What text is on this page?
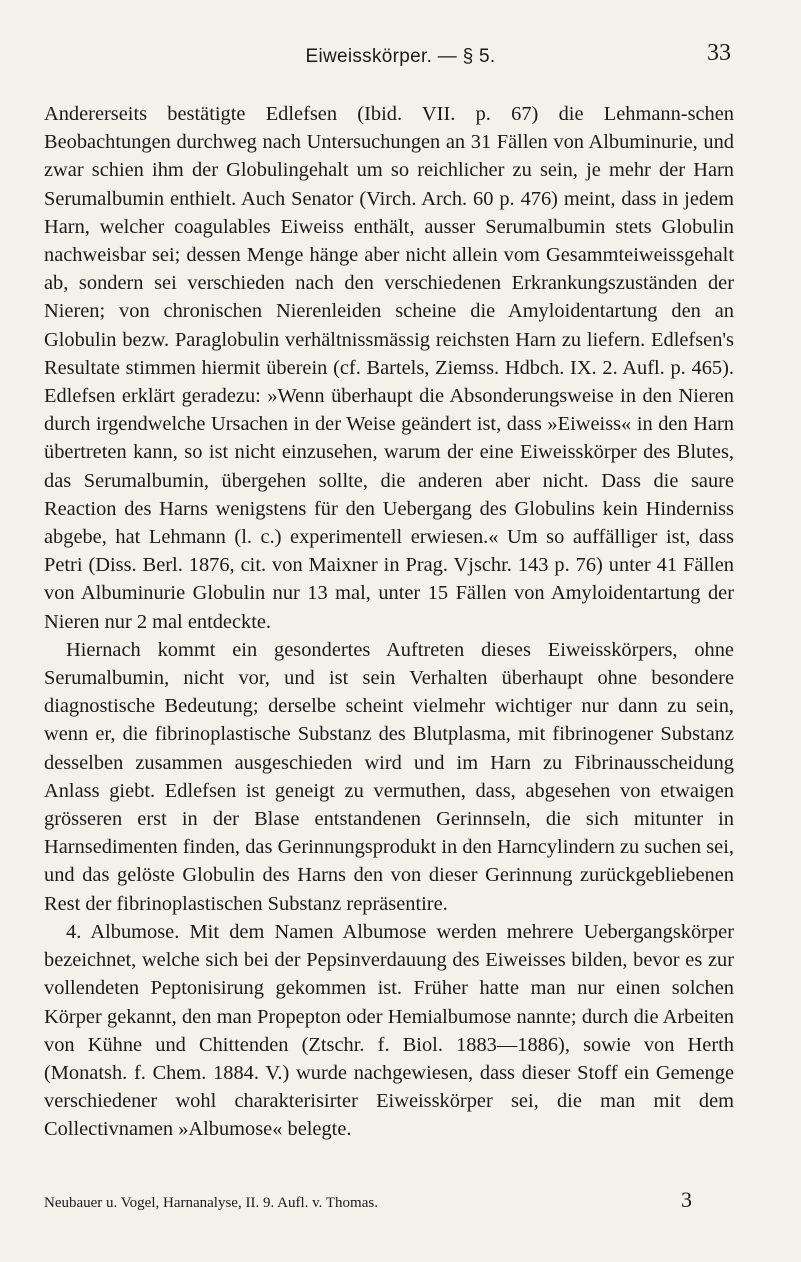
Eiweisskörper. — § 5.	33

Andererseits bestätigte Edlefsen (Ibid. VII. p. 67) die Lehmann-schen Beobachtungen durchweg nach Untersuchungen an 31 Fällen von Albuminurie, und zwar schien ihm der Globulingehalt um so reichlicher zu sein, je mehr der Harn Serumalbumin enthielt. Auch Senator (Virch. Arch. 60 p. 476) meint, dass in jedem Harn, welcher coagulables Eiweiss enthält, ausser Serumalbumin stets Globulin nachweisbar sei; dessen Menge hänge aber nicht allein vom Gesammteiweissgehalt ab, sondern sei verschieden nach den verschiedenen Erkrankungszuständen der Nieren; von chronischen Nierenleiden scheine die Amyloidentartung den an Globulin bezw. Paraglobulin verhältnissmässig reichsten Harn zu liefern. Edlefsen's Resultate stimmen hiermit überein (cf. Bartels, Ziemss. Hdbch. IX. 2. Aufl. p. 465). Edlefsen erklärt geradezu: »Wenn überhaupt die Absonderungsweise in den Nieren durch irgendwelche Ursachen in der Weise geändert ist, dass »Eiweiss« in den Harn übertreten kann, so ist nicht einzusehen, warum der eine Eiweisskörper des Blutes, das Serumalbumin, übergehen sollte, die anderen aber nicht. Dass die saure Reaction des Harns wenigstens für den Uebergang des Globulins kein Hinderniss abgebe, hat Lehmann (l. c.) experimentell erwiesen.« Um so auffälliger ist, dass Petri (Diss. Berl. 1876, cit. von Maixner in Prag. Vjschr. 143 p. 76) unter 41 Fällen von Albuminurie Globulin nur 13 mal, unter 15 Fällen von Amyloidentartung der Nieren nur 2 mal entdeckte.

Hiernach kommt ein gesondertes Auftreten dieses Eiweisskörpers, ohne Serumalbumin, nicht vor, und ist sein Verhalten überhaupt ohne besondere diagnostische Bedeutung; derselbe scheint vielmehr wichtiger nur dann zu sein, wenn er, die fibrinoplastische Substanz des Blutplasma, mit fibrinogener Substanz desselben zusammen ausgeschieden wird und im Harn zu Fibrinausscheidung Anlass giebt. Edlefsen ist geneigt zu vermuthen, dass, abgesehen von etwaigen grösseren erst in der Blase entstandenen Gerinnseln, die sich mitunter in Harnsedimenten finden, das Gerinnungsprodukt in den Harncylindern zu suchen sei, und das gelöste Globulin des Harns den von dieser Gerinnung zurückgebliebenen Rest der fibrinoplastischen Substanz repräsentire.

4. Albumose. Mit dem Namen Albumose werden mehrere Uebergangskörper bezeichnet, welche sich bei der Pepsinverdauung des Eiweisses bilden, bevor es zur vollendeten Peptonisirung gekommen ist. Früher hatte man nur einen solchen Körper gekannt, den man Propepton oder Hemialbumose nannte; durch die Arbeiten von Kühne und Chittenden (Ztschr. f. Biol. 1883—1886), sowie von Herth (Monatsh. f. Chem. 1884. V.) wurde nachgewiesen, dass dieser Stoff ein Gemenge verschiedener wohl charakterisirter Eiweisskörper sei, die man mit dem Collectivnamen »Albumose« belegte.

Neubauer u. Vogel, Harnanalyse, II. 9. Aufl. v. Thomas.	3
